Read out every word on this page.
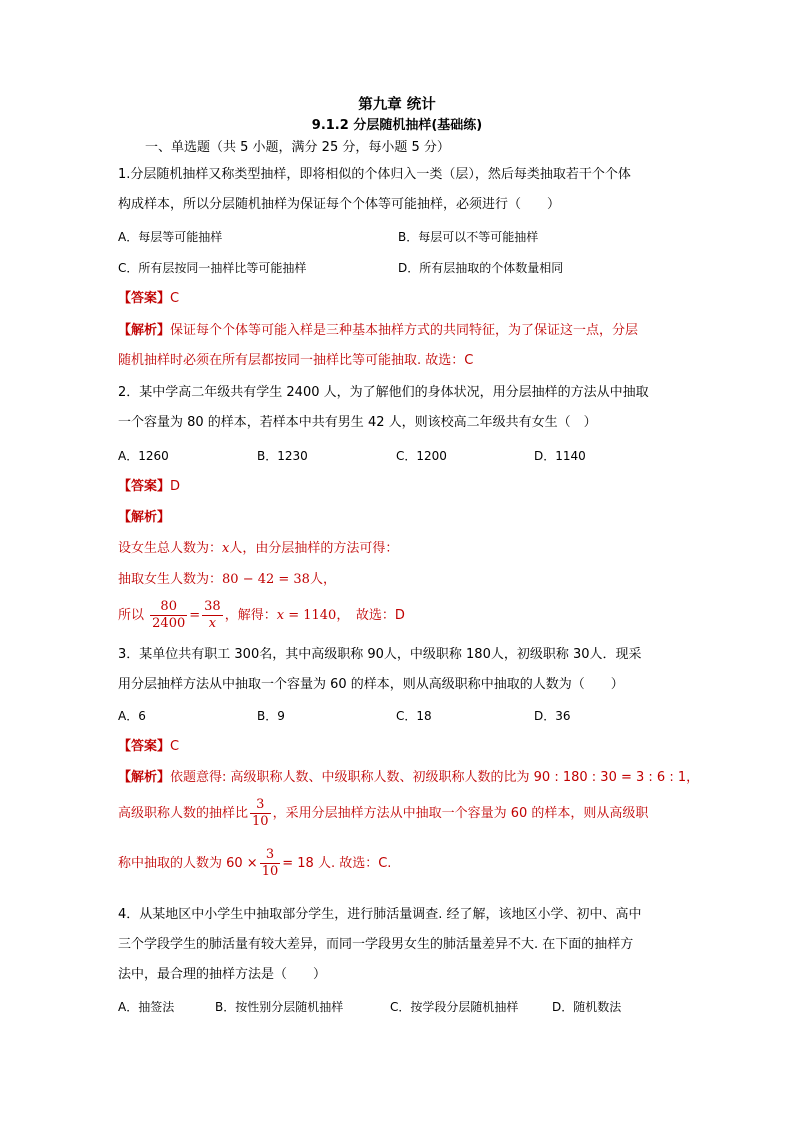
第九章 统计
9.1.2 分层随机抽样(基础练)
一、单选题（共 5 小题，满分 25 分，每小题 5 分）
1.分层随机抽样又称类型抽样，即将相似的个体归入一类（层），然后每类抽取若干个个体
构成样本，所以分层随机抽样为保证每个个体等可能抽样，必须进行（　　）
A．每层等可能抽样	B．每层可以不等可能抽样
C．所有层按同一抽样比等可能抽样	D．所有层抽取的个体数量相同
【答案】C
【解析】保证每个个体等可能入样是三种基本抽样方式的共同特征，为了保证这一点，分层
随机抽样时必须在所有层都按同一抽样比等可能抽取. 故选：C
2．某中学高二年级共有学生 2400 人，为了解他们的身体状况，用分层抽样的方法从中抽取
一个容量为 80 的样本，若样本中共有男生 42 人，则该校高二年级共有女生（　）
A．1260	B．1230	C．1200	D．1140
【答案】D
【解析】
设女生总人数为：x人，由分层抽样的方法可得：
抽取女生人数为：80 − 42 = 38人，
所以 $\frac{80}{2400} = \frac{38}{x}$ ，解得：x = 1140，　故选：D
3．某单位共有职工 300名，其中高级职称 90人，中级职称 180人，初级职称 30人．现采
用分层抽样方法从中抽取一个容量为 60 的样本，则从高级职称中抽取的人数为（　　）
A．6	B．9	C．18	D．36
【答案】C
【解析】依题意得: 高级职称人数、中级职称人数、初级职称人数的比为 90 : 180 : 30 = 3 : 6 : 1，
高级职称人数的抽样比 $\frac{3}{10}$ ，采用分层抽样方法从中抽取一个容量为 60 的样本，则从高级职
称中抽取的人数为 $60 \times \frac{3}{10} = 18$ 人. 故选：C.
4．从某地区中小学生中抽取部分学生，进行肺活量调查. 经了解，该地区小学、初中、高中
三个学段学生的肺活量有较大差异，而同一学段男女生的肺活量差异不大. 在下面的抽样方
法中，最合理的抽样方法是（　　）
A．抽签法	B．按性别分层随机抽样	C．按学段分层随机抽样	D．随机数法
